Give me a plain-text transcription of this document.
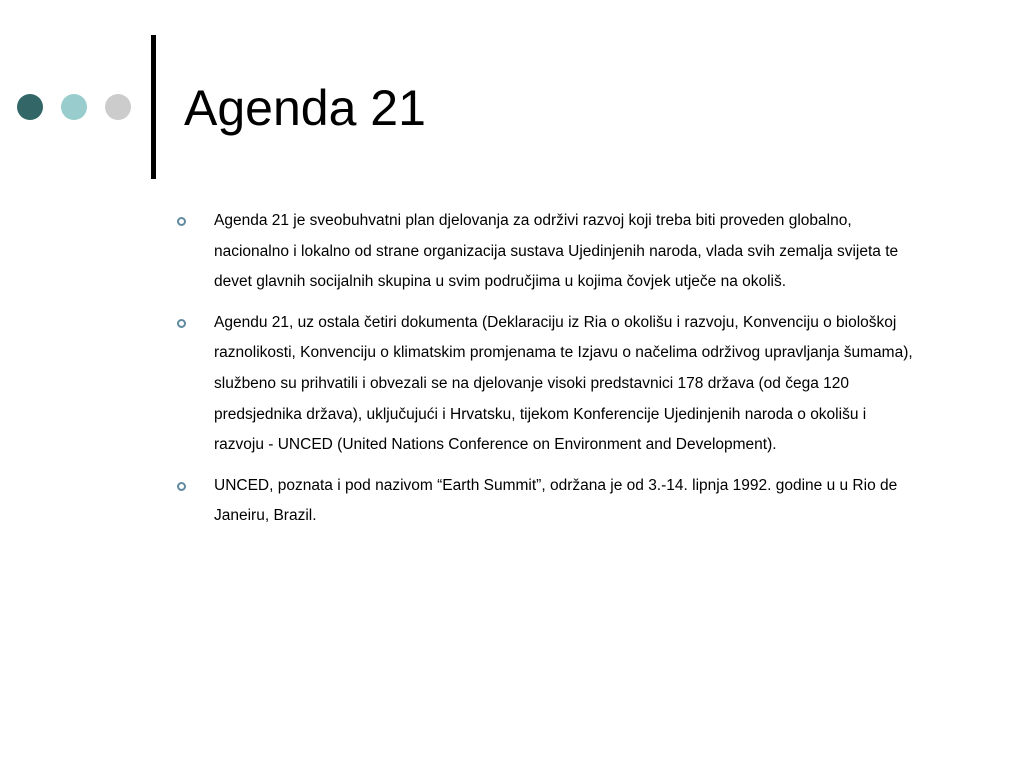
Agenda 21
Agenda 21 je sveobuhvatni plan djelovanja za održivi razvoj koji treba biti proveden globalno, nacionalno i lokalno od strane organizacija sustava Ujedinjenih naroda, vlada svih zemalja svijeta te devet glavnih socijalnih skupina u svim područjima u kojima čovjek utječe na okoliš.
Agendu 21, uz ostala četiri dokumenta (Deklaraciju iz Ria o okolišu i razvoju, Konvenciju o biološkoj raznolikosti, Konvenciju o klimatskim promjenama te Izjavu o načelima održivog upravljanja šumama), službeno su prihvatili i obvezali se na djelovanje visoki predstavnici 178 država (od čega 120 predsjednika država), uključujući i Hrvatsku, tijekom Konferencije Ujedinjenih naroda o okolišu i razvoju - UNCED (United Nations Conference on Environment and Development).
UNCED, poznata i pod nazivom “Earth Summit”, održana je od 3.-14. lipnja 1992. godine u u Rio de Janeiru, Brazil.
